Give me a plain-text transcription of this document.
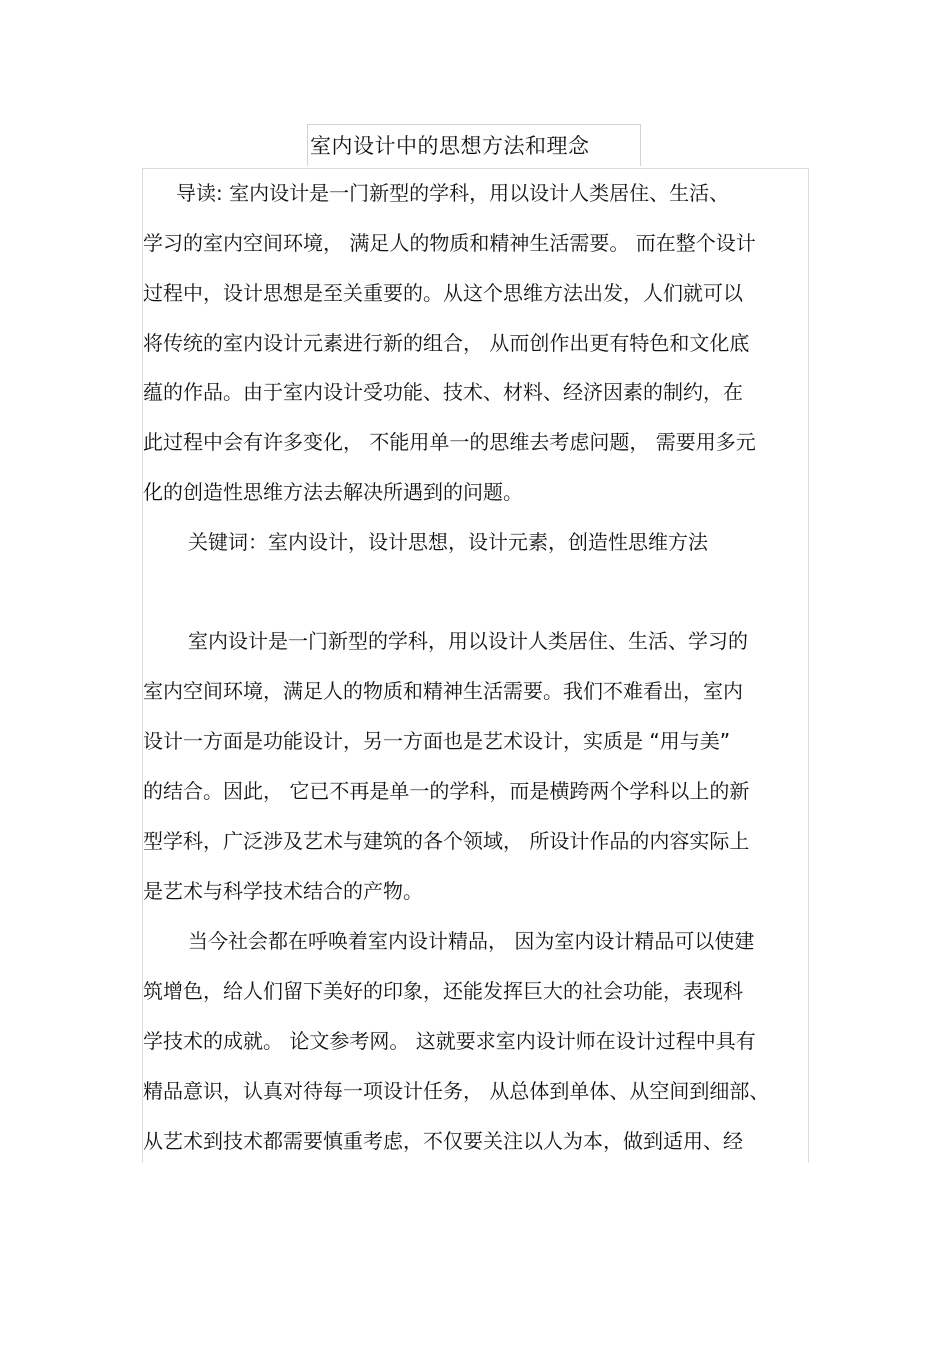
室内设计中的思想方法和理念
导读: 室内设计是一门新型的学科，用以设计人类居住、生活、
学习的室内空间环境， 满足人的物质和精神生活需要。 而在整个设计
过程中，设计思想是至关重要的。从这个思维方法出发，人们就可以
将传统的室内设计元素进行新的组合， 从而创作出更有特色和文化底
蕴的作品。由于室内设计受功能、技术、材料、经济因素的制约，在
此过程中会有许多变化， 不能用单一的思维去考虑问题， 需要用多元
化的创造性思维方法去解决所遇到的问题。
关键词：室内设计，设计思想，设计元素，创造性思维方法
室内设计是一门新型的学科，用以设计人类居住、生活、学习的
室内空间环境，满足人的物质和精神生活需要。我们不难看出，室内
设计一方面是功能设计，另一方面也是艺术设计，实质是 “用与美”
的结合。因此， 它已不再是单一的学科，而是横跨两个学科以上的新
型学科，广泛涉及艺术与建筑的各个领域， 所设计作品的内容实际上
是艺术与科学技术结合的产物。
当今社会都在呼唤着室内设计精品， 因为室内设计精品可以使建
筑增色，给人们留下美好的印象，还能发挥巨大的社会功能，表现科
学技术的成就。 论文参考网。 这就要求室内设计师在设计过程中具有
精品意识，认真对待每一项设计任务， 从总体到单体、从空间到细部、
从艺术到技术都需要慎重考虑，不仅要关注以人为本，做到适用、经
